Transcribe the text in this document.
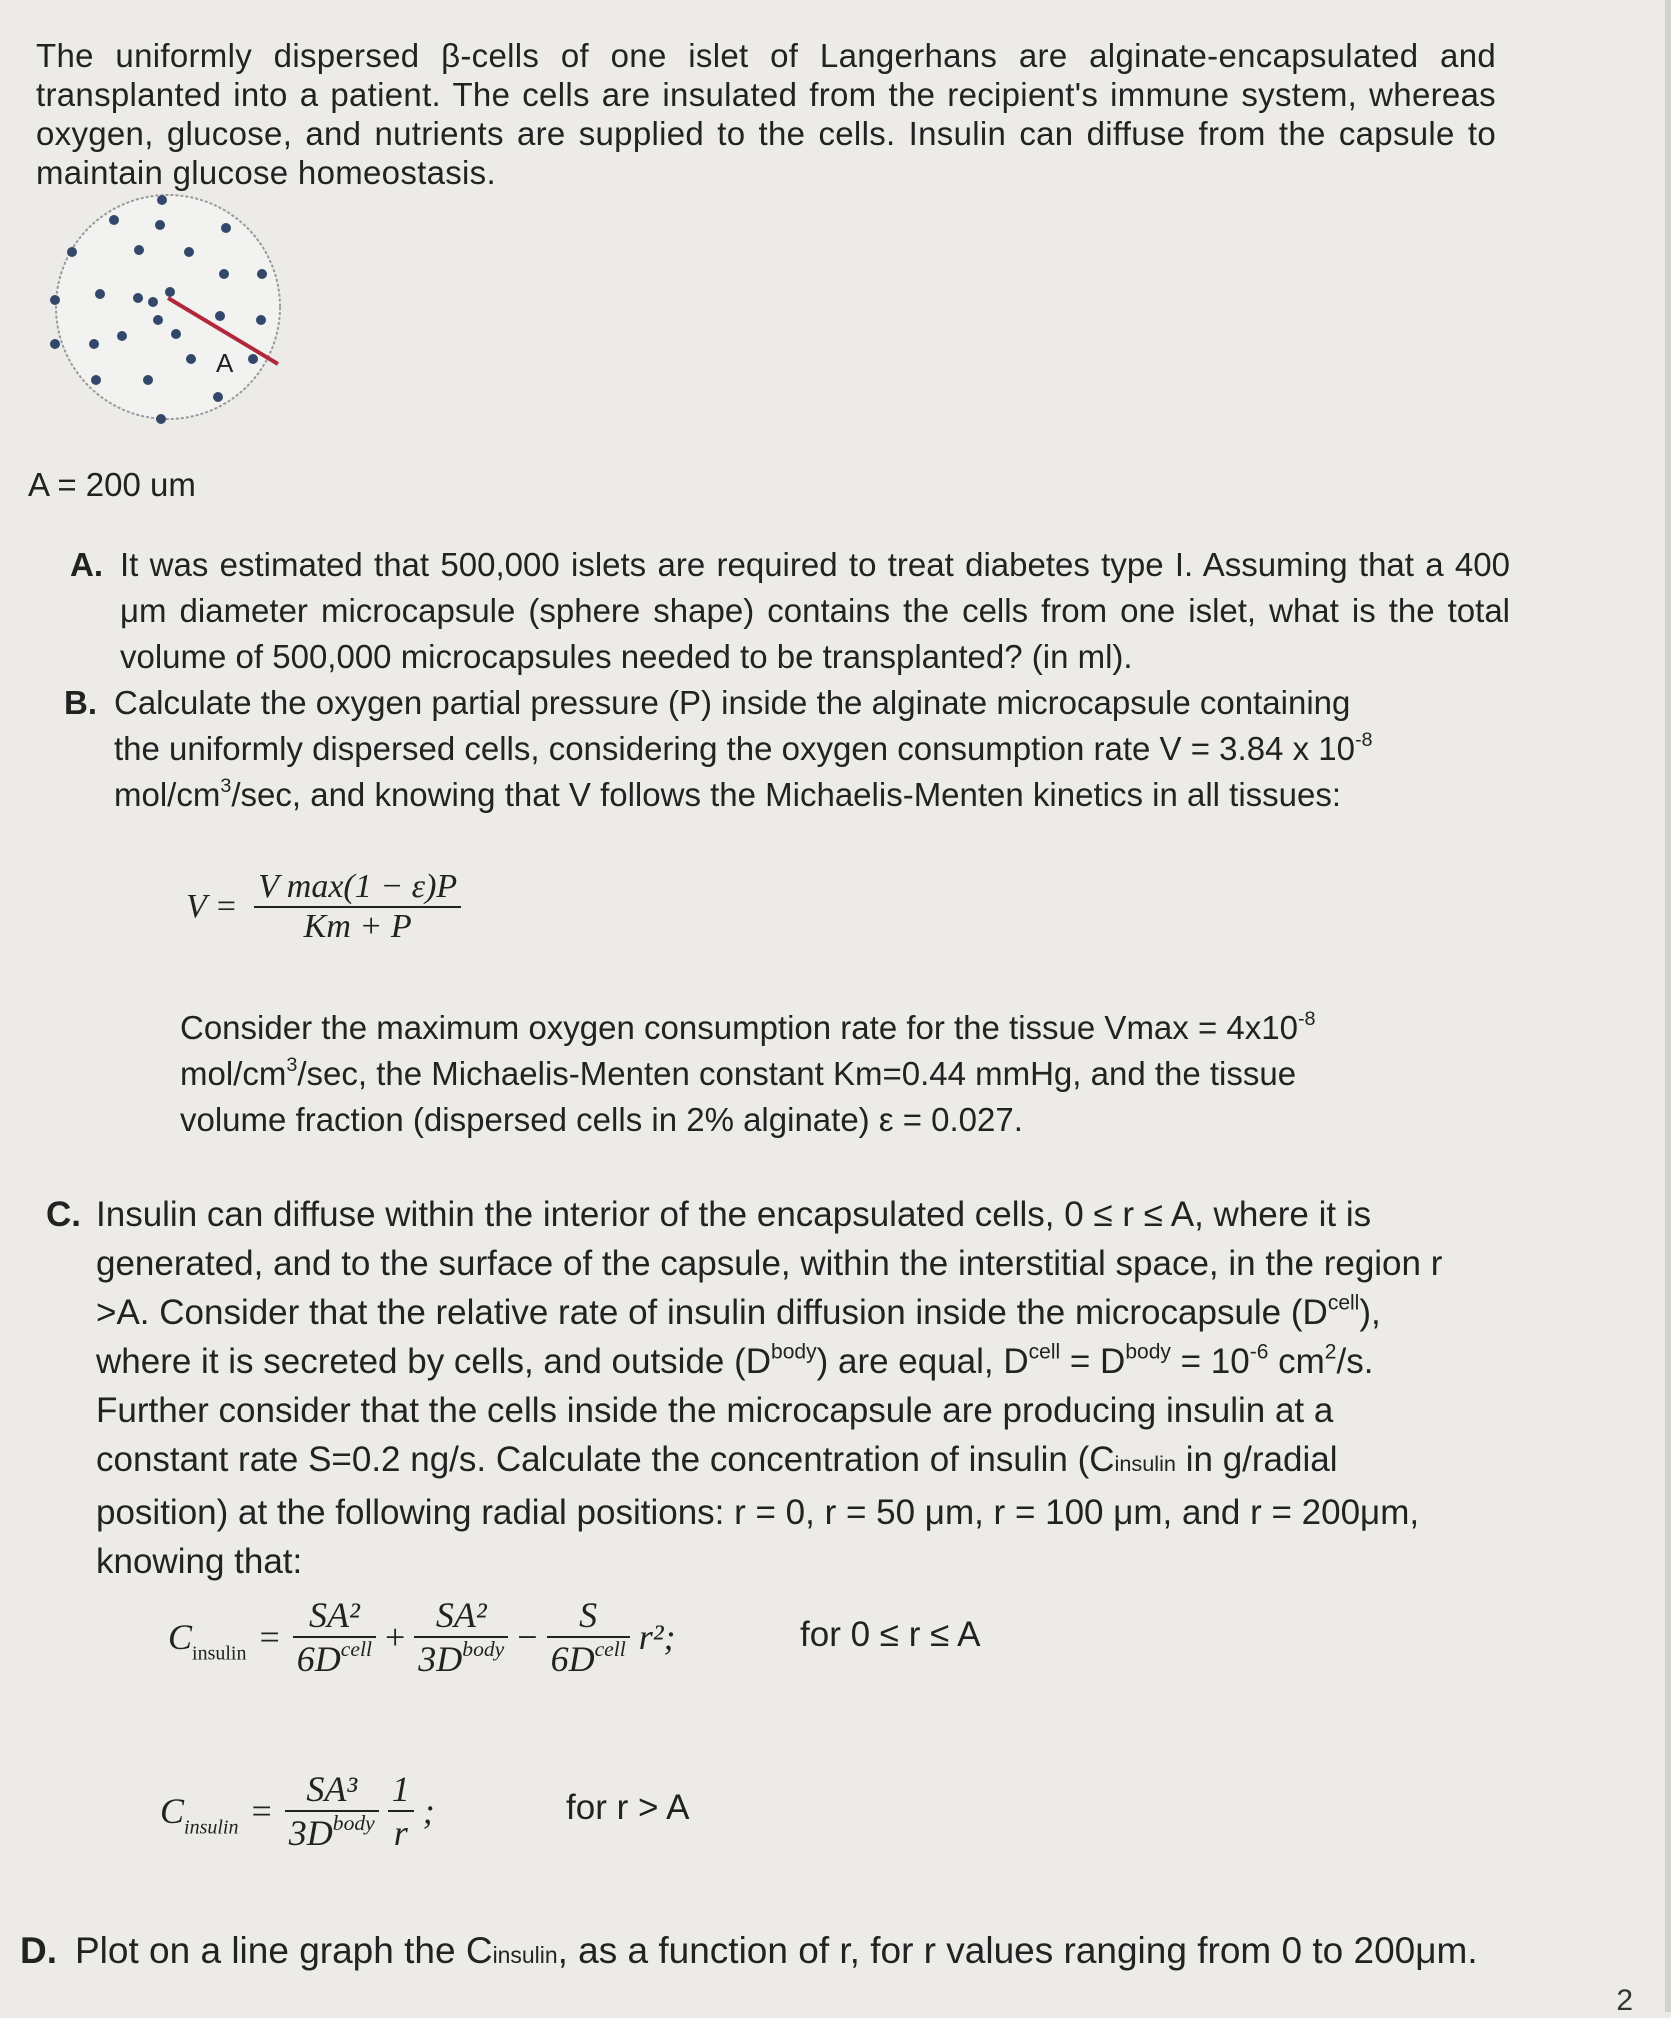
The uniformly dispersed β-cells of one islet of Langerhans are alginate-encapsulated and transplanted into a patient. The cells are insulated from the recipient's immune system, whereas oxygen, glucose, and nutrients are supplied to the cells. Insulin can diffuse from the capsule to maintain glucose homeostasis.
A
A = 200 um
A. It was estimated that 500,000 islets are required to treat diabetes type I. Assuming that a 400 μm diameter microcapsule (sphere shape) contains the cells from one islet, what is the total volume of 500,000 microcapsules needed to be transplanted? (in ml).
B. Calculate the oxygen partial pressure (P) inside the alginate microcapsule containing
the uniformly dispersed cells, considering the oxygen consumption rate V = 3.84 x $10^{-8}$
mol/$cm^3/\sec$, and knowing that V follows the Michaelis-Menten kinetics in all tissues:
$V = \frac{\text{V max(1 − ε)P}}{Km + P}$
Consider the maximum oxygen consumption rate for the tissue $Vmax = 4x10^{-8}$
mol/$cm^3/\sec$, the Michaelis-Menten constant Km=0.44 mmHg, and the tissue
volume fraction (dispersed cells in 2% alginate) ε = 0.027.
C. Insulin can diffuse within the interior of the encapsulated cells, 0 ≤ r ≤ A, where it is
generated, and to the surface of the capsule, within the interstitial space, in the region r
>A. Consider that the relative rate of insulin diffusion inside the microcapsule $(D^{cell})$,
where it is secreted by cells, and outside $(D^{body})$ are equal, $D^{cell} = D^{body} = 10^{-6}$ $cm^2/s$.
Further consider that the cells inside the microcapsule are producing insulin at a
constant rate S=0.2 ng/s. Calculate the concentration of insulin (Cinsulin in g/radial
position) at the following radial positions: r = 0, r = 50 μm, r = 100 μm, and r = 200μm,
knowing that:
$C_{insulin} = \frac{\text{SA²}}{6D^{cell}} + \frac{\text{SA²}}{3D^{body}} - \frac{S}{6D^{cell}} r^2$;	for 0 ≤ r ≤ A
$C_{insulin} = \frac{\text{SA³}}{3D^{body}}$
$\frac{1}{r}$ ;	for r > A
D. Plot on a line graph the Cinsulin, as a function of r, for r values ranging from 0 to 200μm.
2
